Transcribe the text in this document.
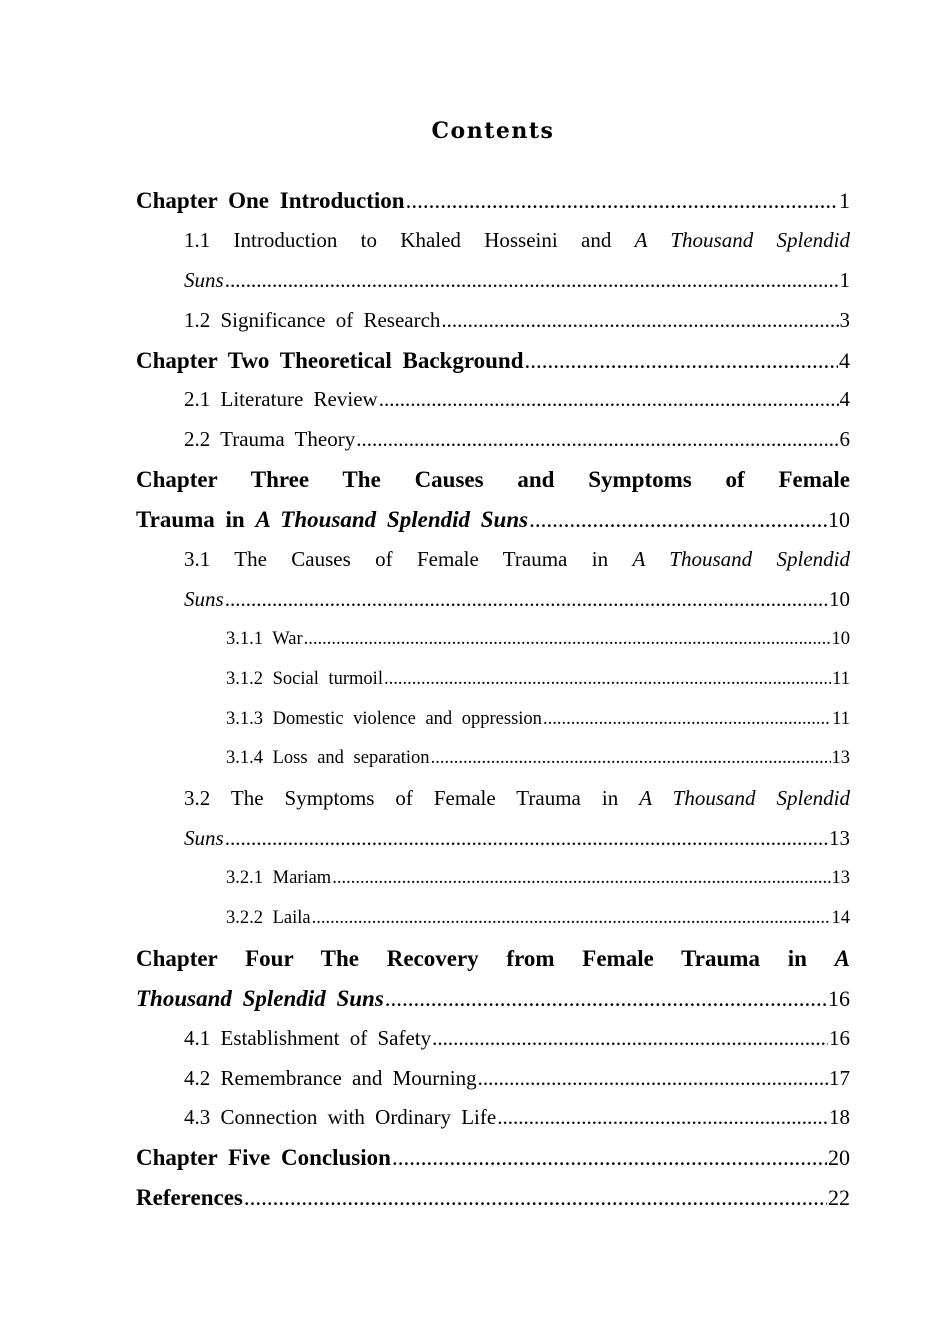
Contents
Chapter One Introduction .....	1
1.1 Introduction to Khaled Hosseini and A Thousand Splendid
Suns .....	1
1.2 Significance of Research .....	3
Chapter Two Theoretical Background .....	4
2.1 Literature Review .....	4
2.2 Trauma Theory .....	6
Chapter Three The Causes and Symptoms of Female
Trauma in A Thousand Splendid Suns .....	10
3.1 The Causes of Female Trauma in A Thousand Splendid
Suns .....	10
3.1.1 War .....	10
3.1.2 Social turmoil .....	11
3.1.3 Domestic violence and oppression .....	11
3.1.4 Loss and separation .....	13
3.2 The Symptoms of Female Trauma in A Thousand Splendid
Suns .....	13
3.2.1 Mariam .....	13
3.2.2 Laila .....	14
Chapter Four The Recovery from Female Trauma in A
Thousand Splendid Suns .....	16
4.1 Establishment of Safety .....	16
4.2 Remembrance and Mourning .....	17
4.3 Connection with Ordinary Life .....	18
Chapter Five Conclusion .....	20
References .....	22
